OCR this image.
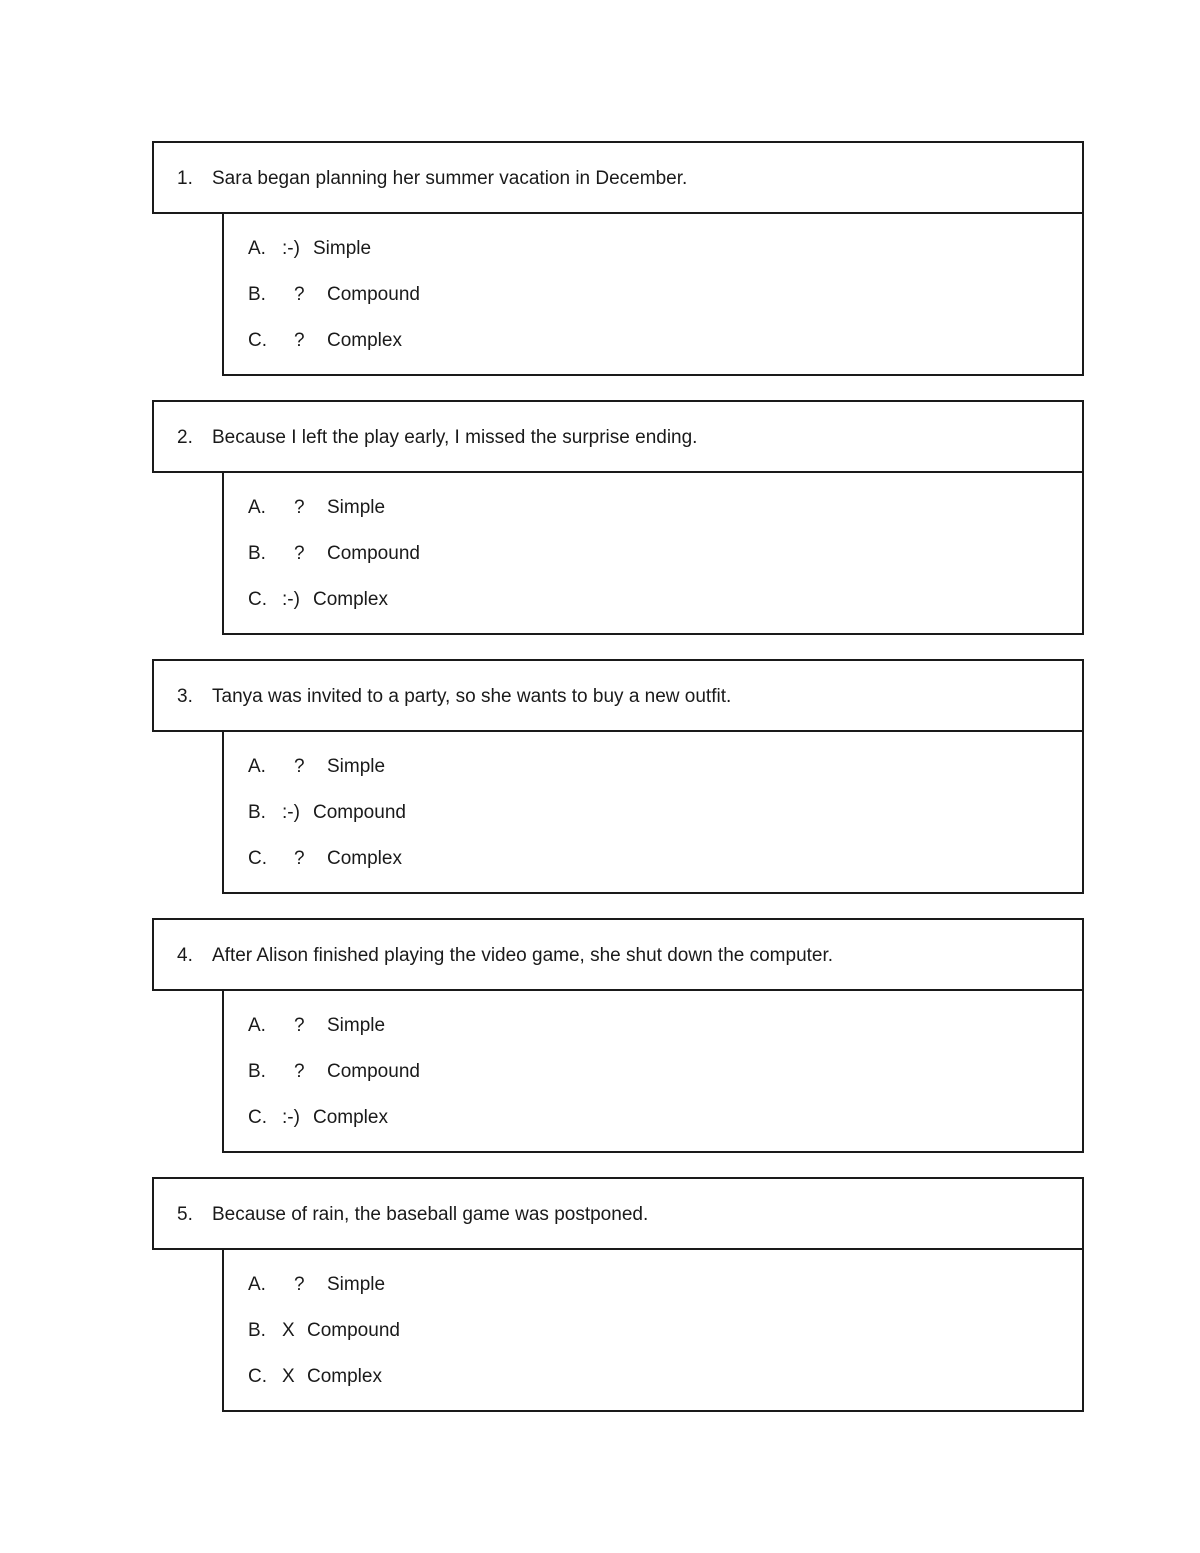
1. Sara began planning her summer vacation in December.
A. :-) Simple
B. ? Compound
C. ? Complex
2. Because I left the play early, I missed the surprise ending.
A. ? Simple
B. ? Compound
C. :-) Complex
3. Tanya was invited to a party, so she wants to buy a new outfit.
A. ? Simple
B. :-) Compound
C. ? Complex
4. After Alison finished playing the video game, she shut down the computer.
A. ? Simple
B. ? Compound
C. :-) Complex
5. Because of rain, the baseball game was postponed.
A. ? Simple
B. X Compound
C. X Complex
